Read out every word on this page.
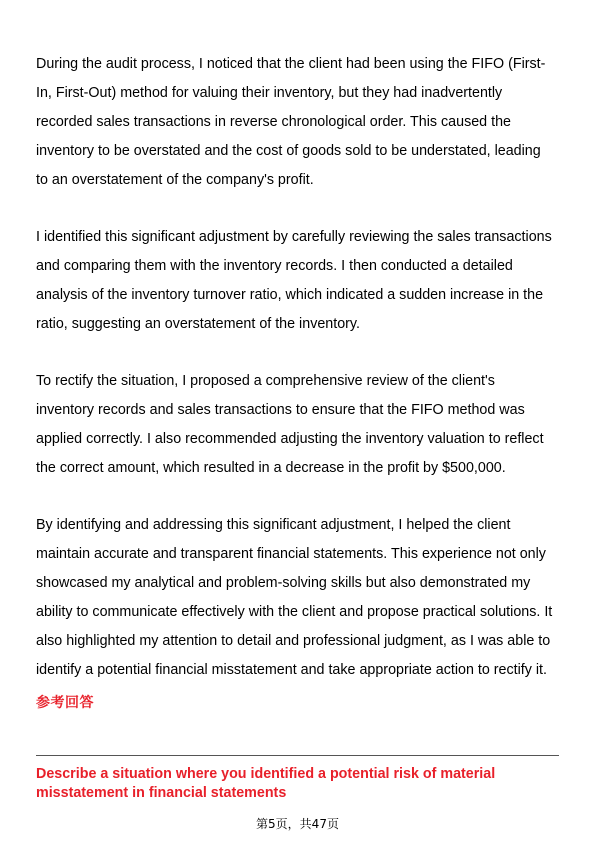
During the audit process, I noticed that the client had been using the FIFO (First-
In, First-Out) method for valuing their inventory, but they had inadvertently
recorded sales transactions in reverse chronological order. This caused the
inventory to be overstated and the cost of goods sold to be understated, leading
to an overstatement of the company's profit.

I identified this significant adjustment by carefully reviewing the sales transactions
and comparing them with the inventory records. I then conducted a detailed
analysis of the inventory turnover ratio, which indicated a sudden increase in the
ratio, suggesting an overstatement of the inventory.

To rectify the situation, I proposed a comprehensive review of the client's
inventory records and sales transactions to ensure that the FIFO method was
applied correctly. I also recommended adjusting the inventory valuation to reflect
the correct amount, which resulted in a decrease in the profit by $500,000.

By identifying and addressing this significant adjustment, I helped the client
maintain accurate and transparent financial statements. This experience not only
showcased my analytical and problem-solving skills but also demonstrated my
ability to communicate effectively with the client and propose practical solutions. It
also highlighted my attention to detail and professional judgment, as I was able to
identify a potential financial misstatement and take appropriate action to rectify it.

参考回答

Describe a situation where you identified a potential risk of material misstatement in financial statements

第5页，共47页
